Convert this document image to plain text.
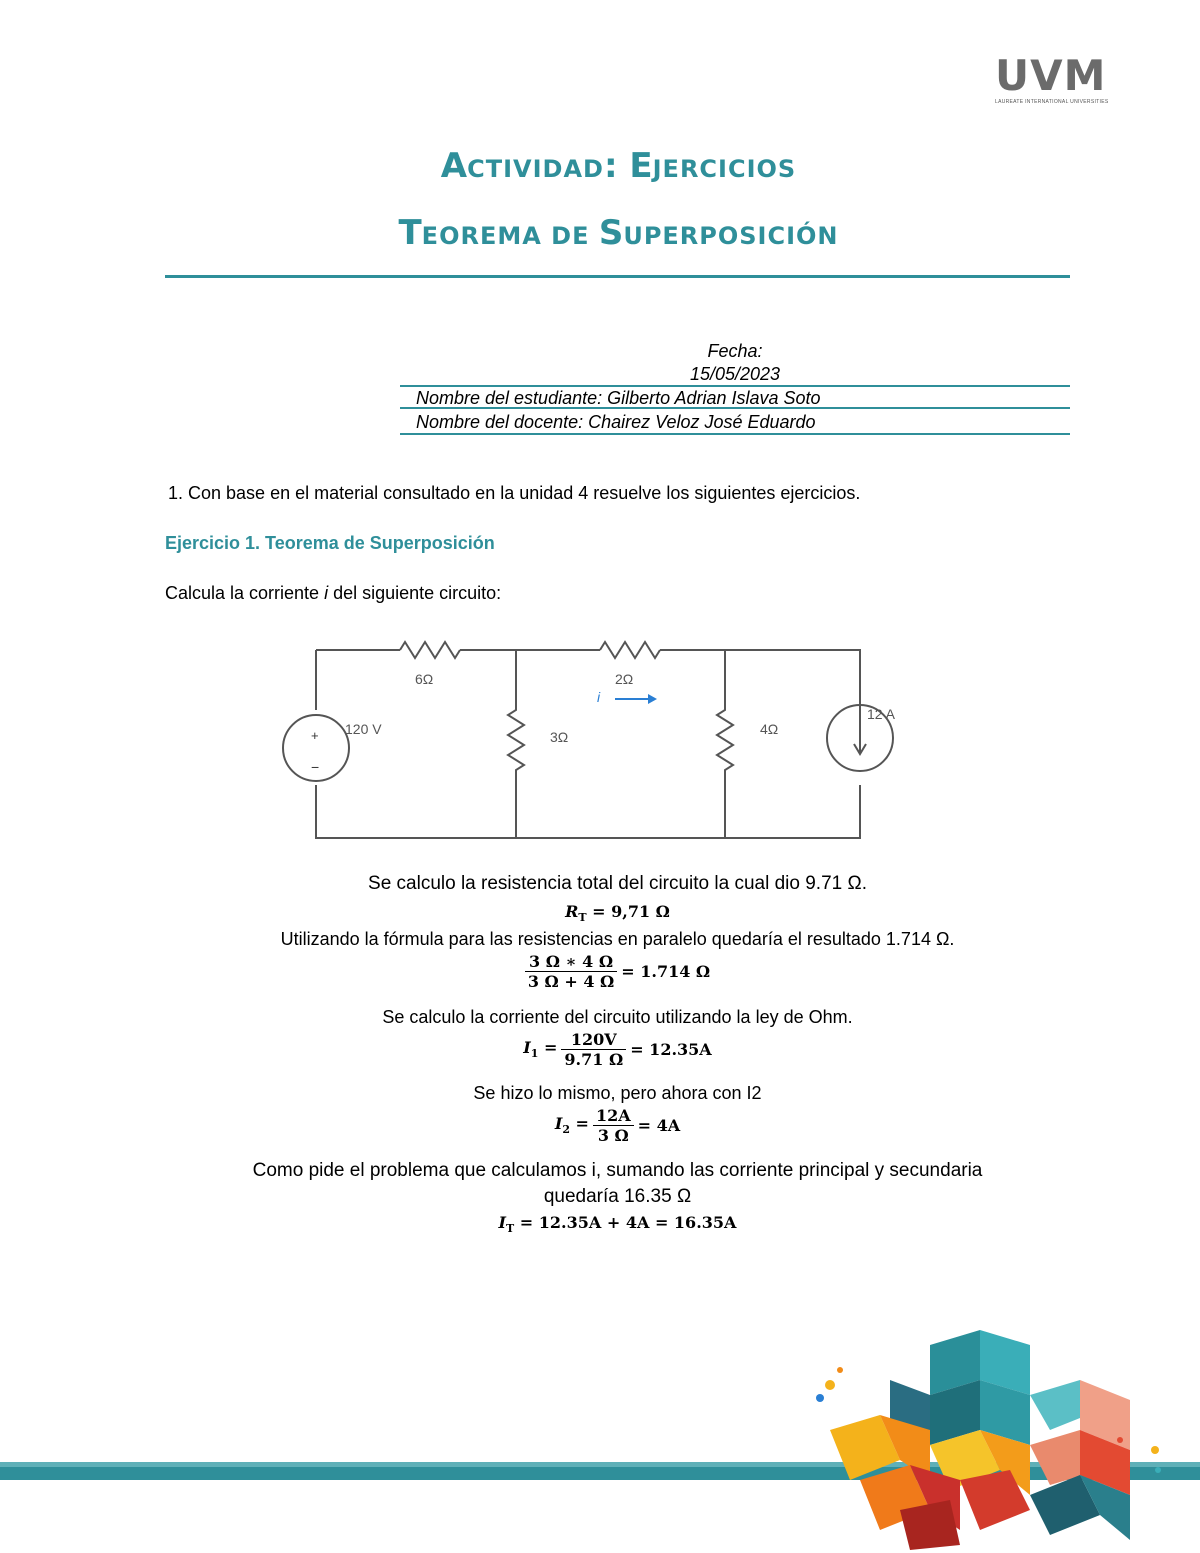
UVM
LAUREATE INTERNATIONAL UNIVERSITIES
ACTIVIDAD: EJERCICIOS
TEOREMA DE SUPERPOSICIÓN
Fecha:
15/05/2023
Nombre del estudiante: Gilberto Adrian Islava Soto
Nombre del docente: Chairez Veloz José Eduardo
1. Con base en el material consultado en la unidad 4 resuelve los siguientes ejercicios.
Ejercicio 1. Teorema de Superposición
Calcula la corriente i del siguiente circuito:
6Ω	2Ω
3Ω	4Ω
120 V
12 A
+
−
i
Se calculo la resistencia total del circuito la cual dio 9.71 Ω.
$R_T = 9,71$ Ω
Utilizando la fórmula para las resistencias en paralelo quedaría el resultado 1.714 Ω.
$\frac{3 \Omega ∗ 4 \Omega}{3 \Omega + 4 \Omega} = 1.714$ Ω
Se calculo la corriente del circuito utilizando la ley de Ohm.
$I_1 = \frac{120V}{9.71 \Omega} = 12.35A$
Se hizo lo mismo, pero ahora con I2
$I_2 = \frac{12A}{3 \Omega} = 4A$
Como pide el problema que calculamos i, sumando las corriente principal y secundaria
quedaría 16.35 Ω
$I_T = 12.35A + 4A = 16.35A$
